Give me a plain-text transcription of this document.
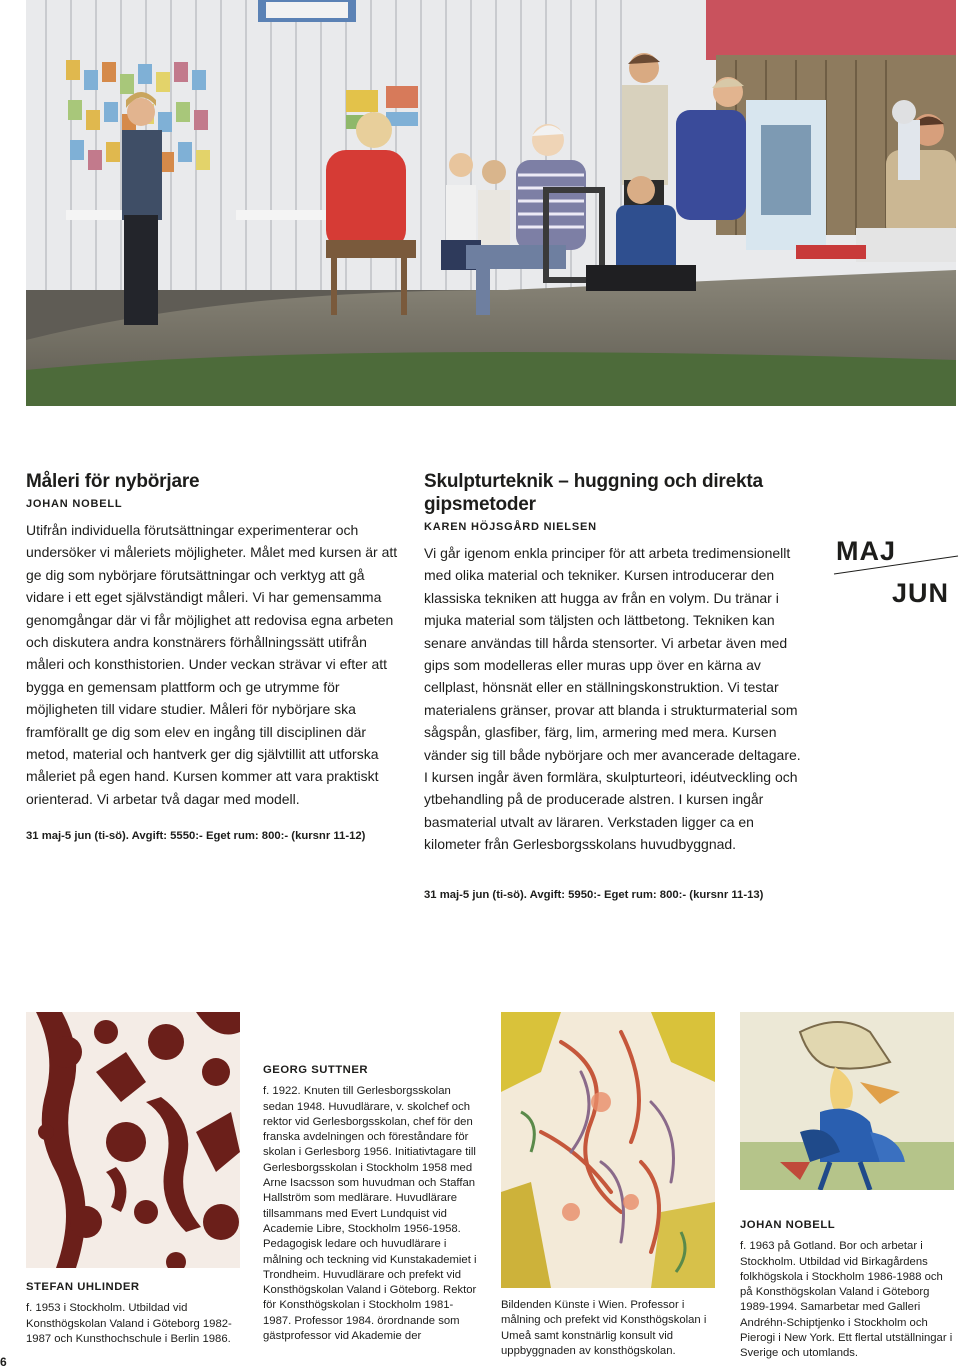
Måleri för nybörjare
JOHAN NOBELL

Utifrån individuella förutsättningar experimenterar och undersöker vi måleriets möjligheter. Målet med kursen är att ge dig som nybörjare förutsättningar och verktyg att gå vidare i ett eget självständigt måleri. Vi har gemensamma genomgångar där vi får möjlighet att redovisa egna arbeten och diskutera andra konstnärers förhållningssätt utifrån måleri och konsthistorien. Under veckan strävar vi efter att bygga en gemensam plattform och ge utrymme för möjligheten till vidare studier. Måleri för nybörjare ska framförallt ge dig som elev en ingång till disciplinen där metod, material och hantverk ger dig självtillit att utforska måleriet på egen hand. Kursen kommer att vara praktiskt orienterad. Vi arbetar två dagar med modell.

31 maj-5 jun (ti-sö). Avgift: 5550:- Eget rum: 800:- (kursnr 11-12)
Skulpturteknik – huggning och direkta gipsmetoder
KAREN HÖJSGÅRD NIELSEN

Vi går igenom enkla principer för att arbeta tredimensionellt med olika material och tekniker. Kursen introducerar den klassiska tekniken att hugga av från en volym. Du tränar i mjuka material som täljsten och lättbetong. Tekniken kan senare användas till hårda stensorter. Vi arbetar även med gips som modelleras eller muras upp över en kärna av cellplast, hönsnät eller en ställningskonstruktion. Vi testar materialens gränser, provar att blanda i strukturmaterial som sågspån, glasfiber, färg, lim, armering med mera. Kursen vänder sig till både nybörjare och mer avancerade deltagare. I kursen ingår även formlära, skulpturteori, idéutveckling och ytbehandling på de producerade alstren. I kursen ingår basmaterial utvalt av läraren. Verkstaden ligger ca en kilometer från Gerlesborgsskolans huvudbyggnad.

31 maj-5 jun (ti-sö). Avgift: 5950:- Eget rum: 800:- (kursnr 11-13)
MAJ
JUN
STEFAN UHLINDER
f. 1953 i Stockholm. Utbildad vid Konsthögskolan Valand i Göteborg 1982-1987 och Kunsthochschule i Berlin 1986.
GEORG SUTTNER
f. 1922. Knuten till Gerlesborgsskolan sedan 1948. Huvudlärare, v. skolchef och rektor vid Gerlesborgsskolan, chef för den franska avdelningen och föreståndare för skolan i Gerlesborg 1956. Initiativtagare till Gerlesborgsskolan i Stockholm 1958 med Arne Isacsson som huvudman och Staffan Hallström som medlärare. Huvudlärare tillsammans med Evert Lundquist vid Academie Libre, Stockholm 1956-1958. Pedagogisk ledare och huvudlärare i målning och teckning vid Kunstakademiet i Trondheim. Huvudlärare och prefekt vid Konsthögskolan Valand i Göteborg. Rektor för Konsthögskolan i Stockholm 1981-1987. Professor 1984. örordnande som gästprofessor vid Akademie der
Bildenden Künste i Wien. Professor i målning och prefekt vid Konsthögskolan i Umeå samt konstnärlig konsult vid uppbyggnaden av konsthögskolan.
JOHAN NOBELL
f. 1963 på Gotland. Bor och arbetar i Stockholm. Utbildad vid Birkagårdens folkhögskola i Stockholm 1986-1988 och på Konsthögskolan Valand i Göteborg 1989-1994. Samarbetar med Galleri Andréhn-Schiptjenko i Stockholm och Pierogi i New York. Ett flertal utställningar i Sverige och utomlands.
6
